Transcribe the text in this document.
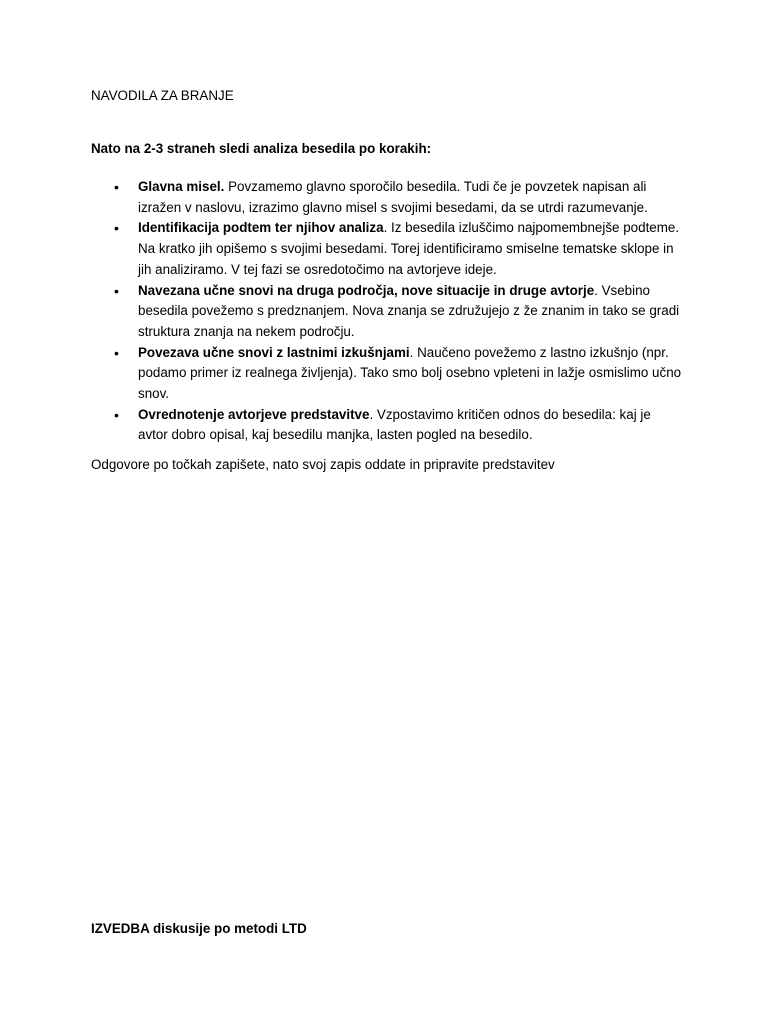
NAVODILA ZA BRANJE

Nato na 2-3 straneh sledi analiza besedila po korakih:

• Glavna misel. Povzamemo glavno sporočilo besedila. Tudi če je povzetek napisan ali izražen v naslovu, izrazimo glavno misel s svojimi besedami, da se utrdi razumevanje.
• Identifikacija podtem ter njihov analiza. Iz besedila izluščimo najpomembnejše podteme. Na kratko jih opišemo s svojimi besedami. Torej identificiramo smiselne tematske sklope in jih analiziramo. V tej fazi se osredotočimo na avtorjeve ideje.
• Navezana učne snovi na druga področja, nove situacije in druge avtorje. Vsebino besedila povežemo s predznanjem. Nova znanja se združujejo z že znanim in tako se gradi struktura znanja na nekem področju.
• Povezava učne snovi z lastnimi izkušnjami. Naučeno povežemo z lastno izkušnjo (npr. podamo primer iz realnega življenja). Tako smo bolj osebno vpleteni in lažje osmislimo učno snov.
• Ovrednotenje avtorjeve predstavitve. Vzpostavimo kritičen odnos do besedila: kaj je avtor dobro opisal, kaj besedilu manjka, lasten pogled na besedilo.

Odgovore po točkah zapišete, nato svoj zapis oddate in pripravite predstavitev

IZVEDBA diskusije po metodi LTD
